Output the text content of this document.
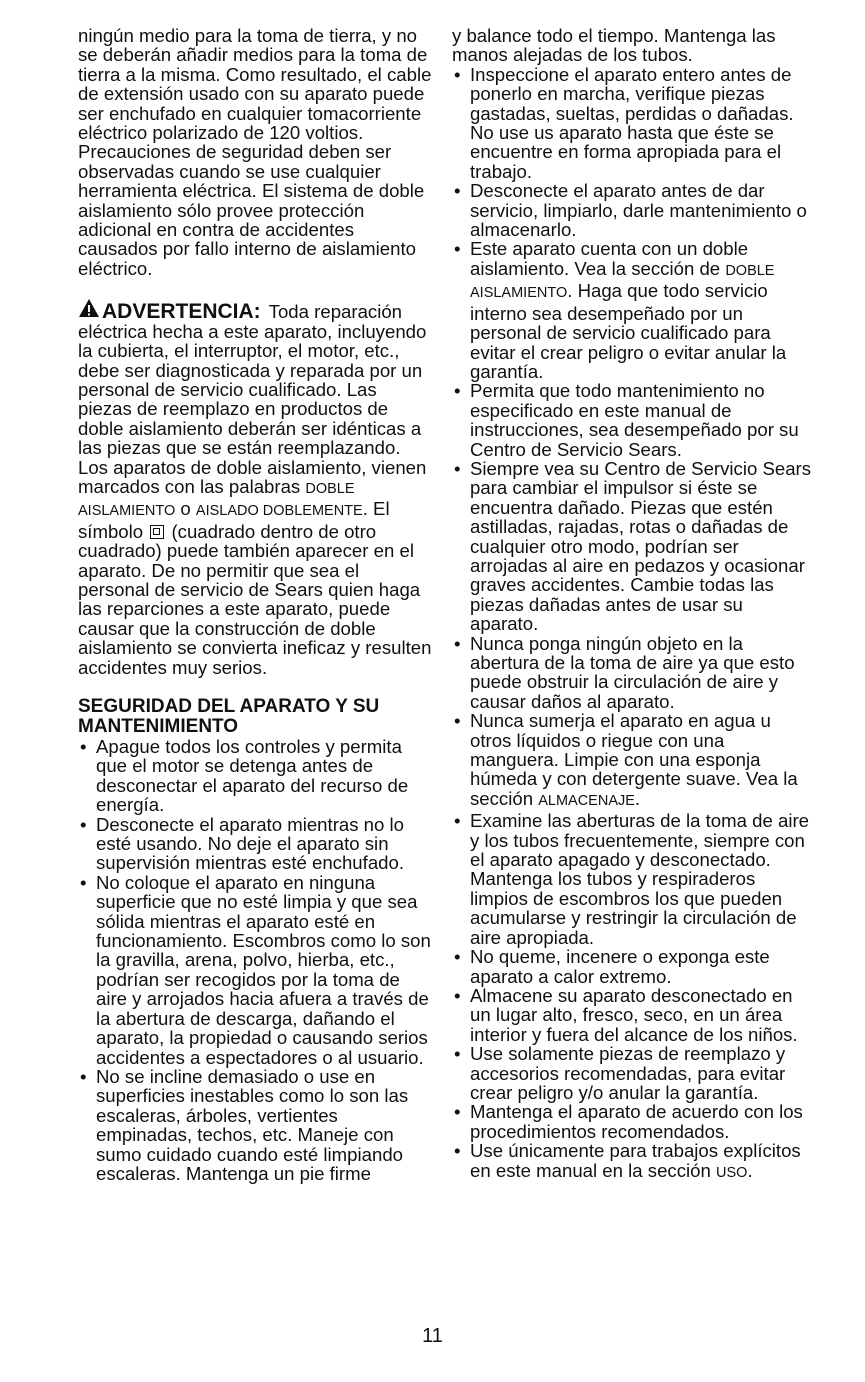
ningún medio para la toma de tierra, y no se deberán añadir medios para la toma de tierra a la misma. Como resultado, el cable de extensión usado con su aparato puede ser enchufado en cualquier tomacorriente eléctrico polarizado de 120 voltios. Precauciones de seguridad deben ser observadas cuando se use cualquier herramienta eléctrica. El sistema de doble aislamiento sólo provee protección adicional en contra de accidentes causados por fallo interno de aislamiento eléctrico.

ADVERTENCIA: Toda reparación eléctrica hecha a este aparato, incluyendo la cubierta, el interruptor, el motor, etc., debe ser diagnosticada y reparada por un personal de servicio cualificado. Las piezas de reemplazo en productos de doble aislamiento deberán ser idénticas a las piezas que se están reemplazando. Los aparatos de doble aislamiento, vienen marcados con las palabras DOBLE AISLAMIENTO o AISLADO DOBLEMENTE. El símbolo (cuadrado dentro de otro cuadrado) puede también aparecer en el aparato. De no permitir que sea el personal de servicio de Sears quien haga las reparciones a este aparato, puede causar que la construcción de doble aislamiento se convierta ineficaz y resulten accidentes muy serios.

SEGURIDAD DEL APARATO Y SU MANTENIMIENTO
• Apague todos los controles y permita que el motor se detenga antes de desconectar el aparato del recurso de energía.
• Desconecte el aparato mientras no lo esté usando. No deje el aparato sin supervisión mientras esté enchufado.
• No coloque el aparato en ninguna superficie que no esté limpia y que sea sólida mientras el aparato esté en funcionamiento. Escombros como lo son la gravilla, arena, polvo, hierba, etc., podrían ser recogidos por la toma de aire y arrojados hacia afuera a través de la abertura de descarga, dañando el aparato, la propiedad o causando serios accidentes a espectadores o al usuario.
• No se incline demasiado o use en superficies inestables como lo son las escaleras, árboles, vertientes empinadas, techos, etc. Maneje con sumo cuidado cuando esté limpiando escaleras. Mantenga un pie firme

y balance todo el tiempo. Mantenga las manos alejadas de los tubos.

• Inspeccione el aparato entero antes de ponerlo en marcha, verifique piezas gastadas, sueltas, perdidas o dañadas. No use us aparato hasta que éste se encuentre en forma apropiada para el trabajo.
• Desconecte el aparato antes de dar servicio, limpiarlo, darle mantenimiento o almacenarlo.
• Este aparato cuenta con un doble aislamiento. Vea la sección de DOBLE AISLAMIENTO. Haga que todo servicio interno sea desempeñado por un personal de servicio cualificado para evitar el crear peligro o evitar anular la garantía.
• Permita que todo mantenimiento no especificado en este manual de instrucciones, sea desempeñado por su Centro de Servicio Sears.
• Siempre vea su Centro de Servicio Sears para cambiar el impulsor si éste se encuentra dañado. Piezas que estén astilladas, rajadas, rotas o dañadas de cualquier otro modo, podrían ser arrojadas al aire en pedazos y ocasionar graves accidentes. Cambie todas las piezas dañadas antes de usar su aparato.
• Nunca ponga ningún objeto en la abertura de la toma de aire ya que esto puede obstruir la circulación de aire y causar daños al aparato.
• Nunca sumerja el aparato en agua u otros líquidos o riegue con una manguera. Limpie con una esponja húmeda y con detergente suave. Vea la sección ALMACENAJE.
• Examine las aberturas de la toma de aire y los tubos frecuentemente, siempre con el aparato apagado y desconectado. Mantenga los tubos y respiraderos limpios de escombros los que pueden acumularse y restringir la circulación de aire apropiada.
• No queme, incenere o exponga este aparato a calor extremo.
• Almacene su aparato desconectado en un lugar alto, fresco, seco, en un área interior y fuera del alcance de los niños.
• Use solamente piezas de reemplazo y accesorios recomendadas, para evitar crear peligro y/o anular la garantía.
• Mantenga el aparato de acuerdo con los procedimientos recomendados.
• Use únicamente para trabajos explícitos en este manual en la sección USO.
11
